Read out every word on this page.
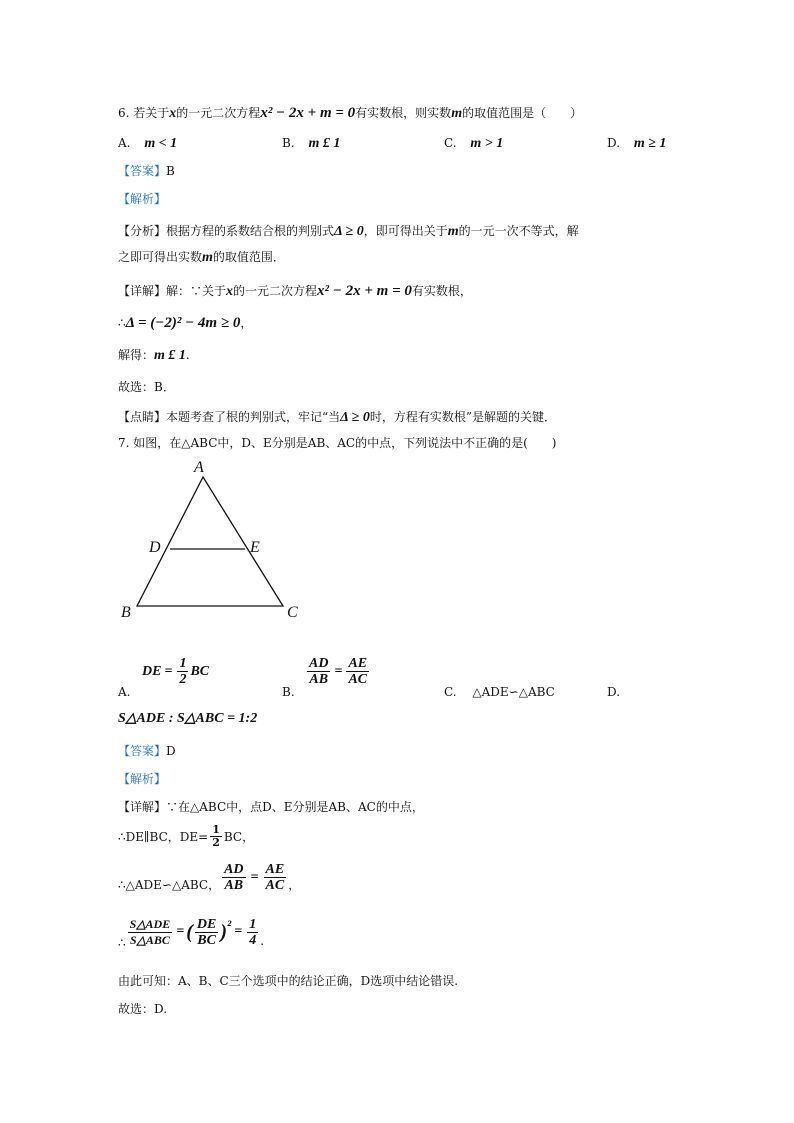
6. 若关于x的一元二次方程x² − 2x + m = 0有实数根，则实数m的取值范围是（　　）
A. m < 1	B. m £ 1	C. m > 1	D. m ≥ 1
【答案】B
【解析】
【分析】根据方程的系数结合根的判别式Δ ≥ 0，即可得出关于m的一元一次不等式，解
之即可得出实数m的取值范围．
【详解】解：∵关于x的一元二次方程x² − 2x + m = 0有实数根，
∴Δ = (−2)² − 4m ≥ 0，
解得：m £ 1.
故选：B．
【点睛】本题考查了根的判别式，牢记“当Δ ≥ 0时，方程有实数根”是解题的关键．
7. 如图，在△ABC中，D、E分别是AB、AC的中点，下列说法中不正确的是(　　)
A
D	E
B	C
A.
DE = $\frac{1}{2}$ BC
B.
$\frac{AD}{AB} = \frac{AE}{AC}$
C. △ADE∽△ABC	D.
S△ADE : S△ABC = 1:2
【答案】D
【解析】
【详解】∵在△ABC中，点D、E分别是AB、AC的中点，
∴DE∥BC，$DE= \frac{1}{2}$ BC，
∴△ADE∽△ABC， $\frac{AD}{AB} = \frac{AE}{AC}$ ，
∴ $\frac{\text{S△ADE}}{\text{S△ABC}}$ = ( $\frac{DE}{BC}$ ) $^2 = \frac{1}{4}$ .
由此可知：A、B、C三个选项中的结论正确，D选项中结论错误.
故选：D.
